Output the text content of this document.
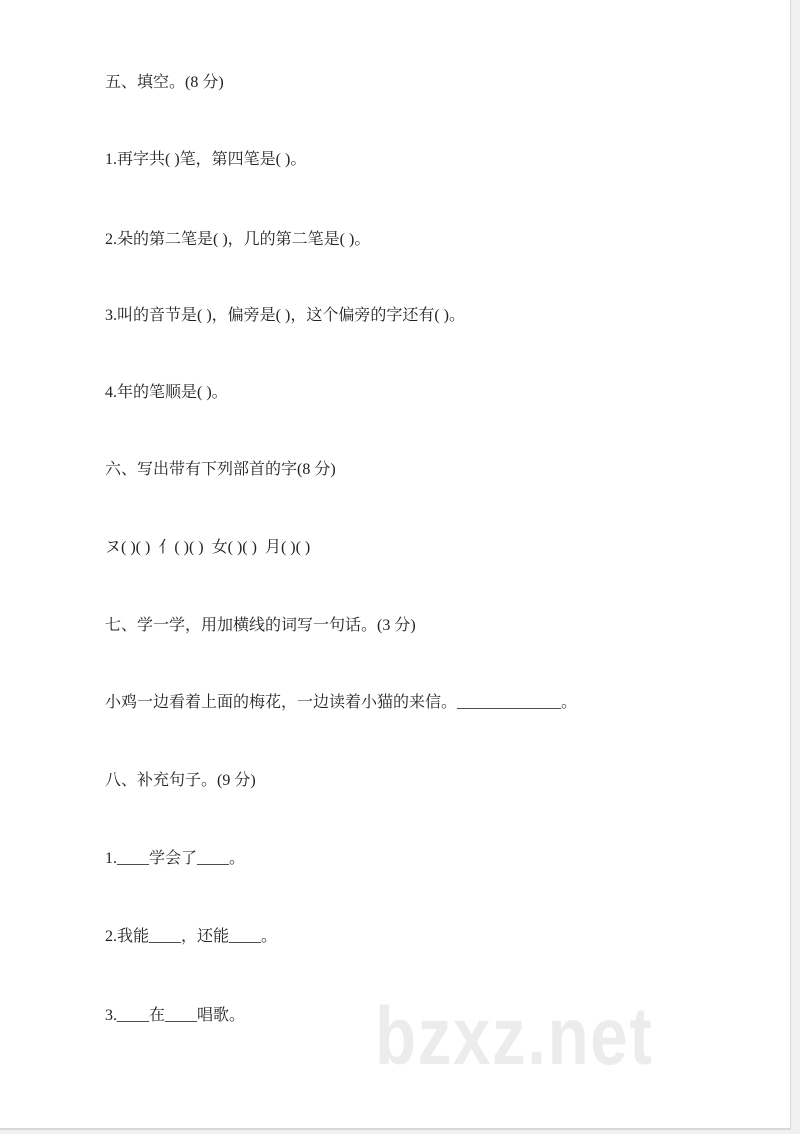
五、填空。(8 分)
1.再字共( )笔，第四笔是( )。
2.朵的第二笔是( )，几的第二笔是( )。
3.叫的音节是( )，偏旁是( )，这个偏旁的字还有( )。
4.年的笔顺是( )。
六、写出带有下列部首的字(8 分)
ヌ( )( )  亻( )( )  女( )( )  月( )( )
七、学一学，用加横线的词写一句话。(3 分)
小鸡一边看着上面的梅花，一边读着小猫的来信。_____________。
八、补充句子。(9 分)
1.____学会了____。
2.我能____，还能____。
3.____在____唱歌。 bzxz.net
